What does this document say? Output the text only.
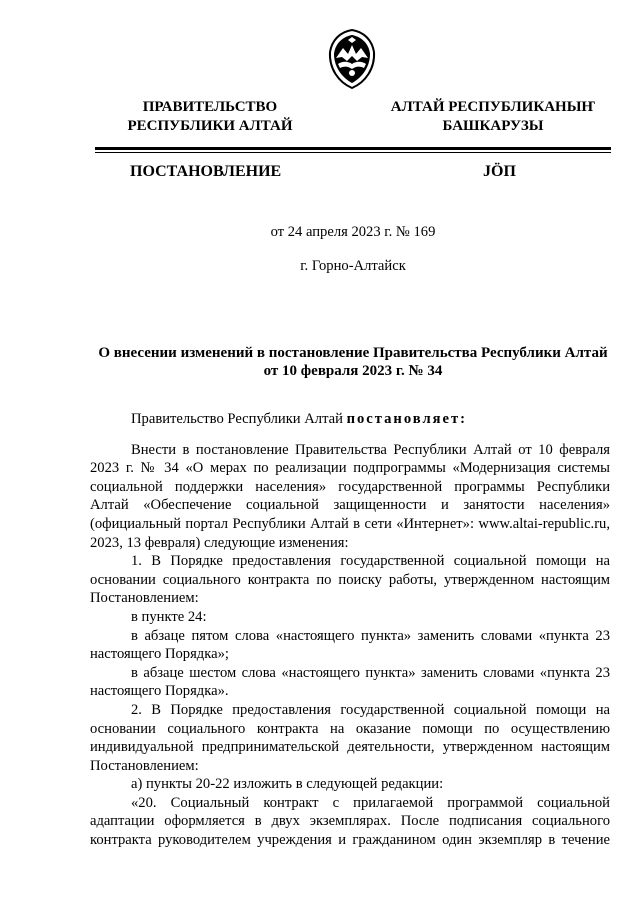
ПРАВИТЕЛЬСТВО
РЕСПУБЛИКИ АЛТАЙ
АЛТАЙ РЕСПУБЛИКАНЫҤ
БАШКАРУЗЫ
ПОСТАНОВЛЕНИЕ	JÖП
от 24 апреля 2023 г. № 169
г. Горно-Алтайск
О внесении изменений в постановление Правительства Республики Алтай
от 10 февраля 2023 г. № 34

Правительство Республики Алтай постановляет:

Внести в постановление Правительства Республики Алтай от 10 февраля 2023 г. № 34 «О мерах по реализации подпрограммы «Модернизация системы социальной поддержки населения» государственной программы Республики Алтай «Обеспечение социальной защищенности и занятости населения» (официальный портал Республики Алтай в сети «Интернет»: www.altai-republic.ru, 2023, 13 февраля) следующие изменения:

1. В Порядке предоставления государственной социальной помощи на основании социального контракта по поиску работы, утвержденном настоящим Постановлением:

в пункте 24:

в абзаце пятом слова «настоящего пункта» заменить словами «пункта 23 настоящего Порядка»;

в абзаце шестом слова «настоящего пункта» заменить словами «пункта 23 настоящего Порядка».

2. В Порядке предоставления государственной социальной помощи на основании социального контракта на оказание помощи по осуществлению индивидуальной предпринимательской деятельности, утвержденном настоящим Постановлением:

а) пункты 20-22 изложить в следующей редакции:

«20. Социальный контракт с прилагаемой программой социальной адаптации оформляется в двух экземплярах. После подписания социального контракта руководителем учреждения и гражданином один экземпляр в течение
